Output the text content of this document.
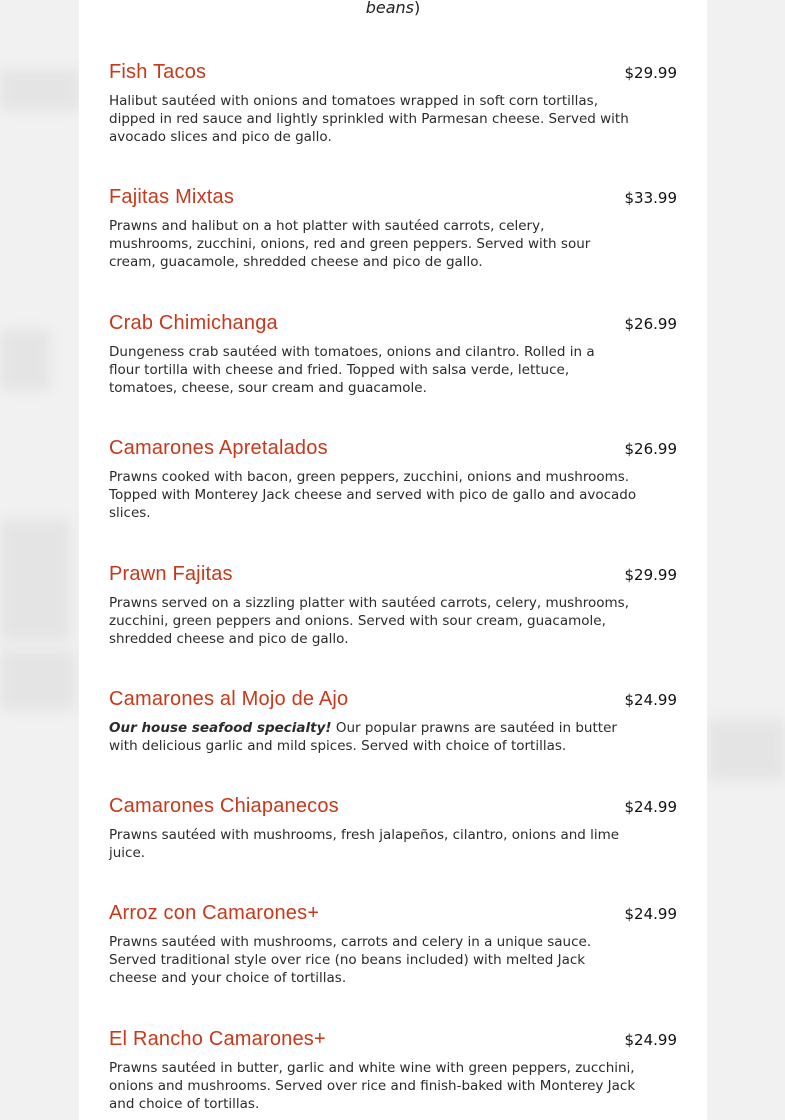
beans)
Fish Tacos	$29.99

Halibut sautéed with onions and tomatoes wrapped in soft corn tortillas, dipped in red sauce and lightly sprinkled with Parmesan cheese. Served with avocado slices and pico de gallo.

Fajitas Mixtas	$33.99

Prawns and halibut on a hot platter with sautéed carrots, celery, mushrooms, zucchini, onions, red and green peppers. Served with sour cream, guacamole, shredded cheese and pico de gallo.

Crab Chimichanga	$26.99

Dungeness crab sautéed with tomatoes, onions and cilantro. Rolled in a flour tortilla with cheese and fried. Topped with salsa verde, lettuce, tomatoes, cheese, sour cream and guacamole.

Camarones Apretalados	$26.99

Prawns cooked with bacon, green peppers, zucchini, onions and mushrooms. Topped with Monterey Jack cheese and served with pico de gallo and avocado slices.

Prawn Fajitas	$29.99

Prawns served on a sizzling platter with sautéed carrots, celery, mushrooms, zucchini, green peppers and onions. Served with sour cream, guacamole, shredded cheese and pico de gallo.

Camarones al Mojo de Ajo	$24.99

Our house seafood specialty! Our popular prawns are sautéed in butter with delicious garlic and mild spices. Served with choice of tortillas.

Camarones Chiapanecos	$24.99

Prawns sautéed with mushrooms, fresh jalapeños, cilantro, onions and lime juice.

Arroz con Camarones+	$24.99

Prawns sautéed with mushrooms, carrots and celery in a unique sauce. Served traditional style over rice (no beans included) with melted Jack cheese and your choice of tortillas.

El Rancho Camarones+	$24.99

Prawns sautéed in butter, garlic and white wine with green peppers, zucchini, onions and mushrooms. Served over rice and finish-baked with Monterey Jack and choice of tortillas.
